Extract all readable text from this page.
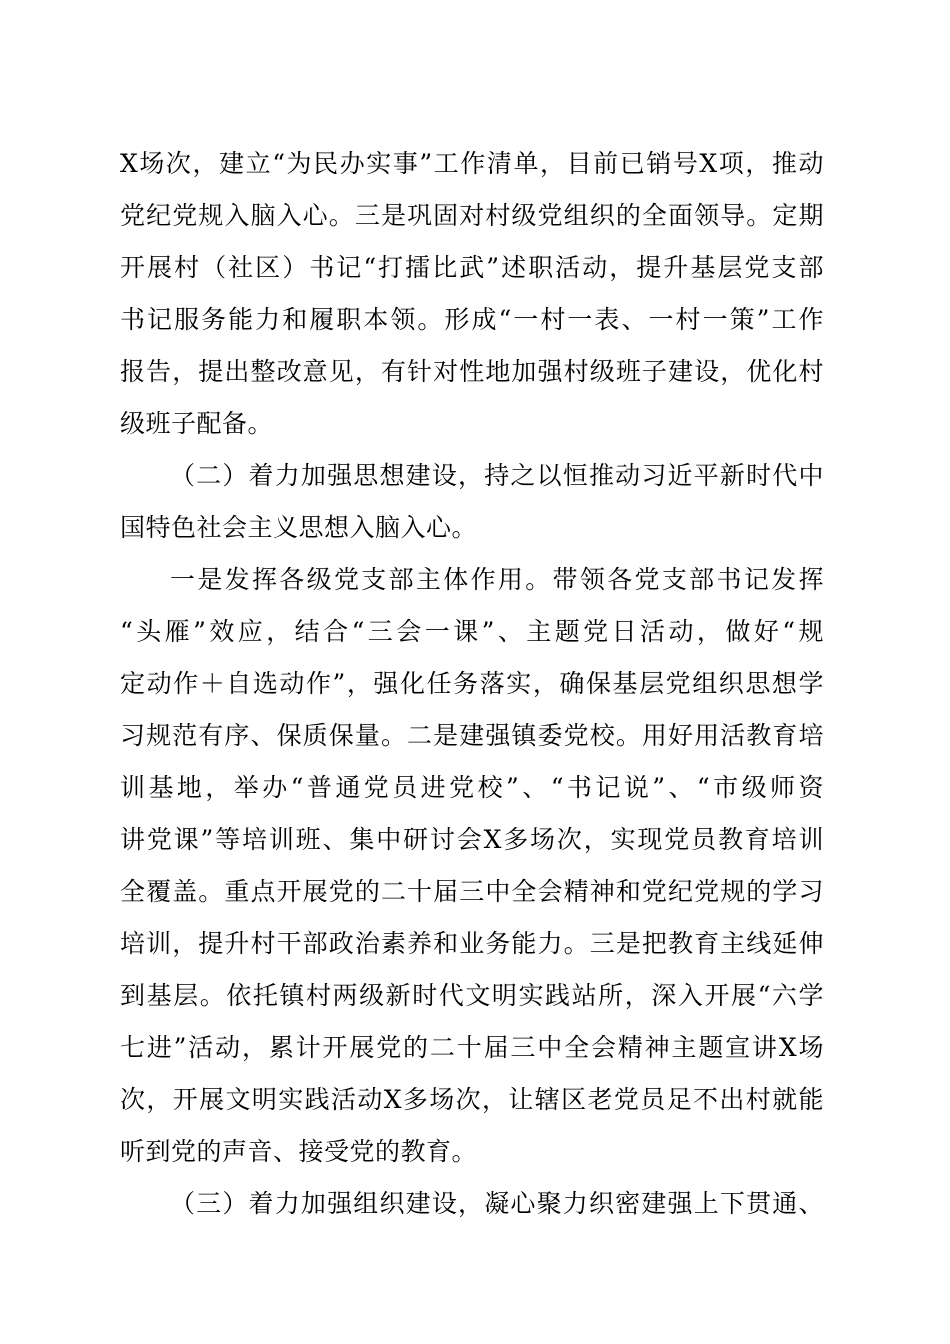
X场次，建立“为民办实事”工作清单，目前已销号X项，推动
党纪党规入脑入心。三是巩固对村级党组织的全面领导。定期
开展村（社区）书记“打擂比武”述职活动，提升基层党支部
书记服务能力和履职本领。形成“一村一表、一村一策”工作
报告，提出整改意见，有针对性地加强村级班子建设，优化村
级班子配备。
（二）着力加强思想建设，持之以恒推动习近平新时代中
国特色社会主义思想入脑入心。
一是发挥各级党支部主体作用。带领各党支部书记发挥
“头雁”效应，结合“三会一课”、主题党日活动，做好“规
定动作＋自选动作”，强化任务落实，确保基层党组织思想学
习规范有序、保质保量。二是建强镇委党校。用好用活教育培
训基地，举办“普通党员进党校”、“书记说”、“市级师资
讲党课”等培训班、集中研讨会X多场次，实现党员教育培训
全覆盖。重点开展党的二十届三中全会精神和党纪党规的学习
培训，提升村干部政治素养和业务能力。三是把教育主线延伸
到基层。依托镇村两级新时代文明实践站所，深入开展“六学
七进”活动，累计开展党的二十届三中全会精神主题宣讲X场
次，开展文明实践活动X多场次，让辖区老党员足不出村就能
听到党的声音、接受党的教育。
（三）着力加强组织建设，凝心聚力织密建强上下贯通、
